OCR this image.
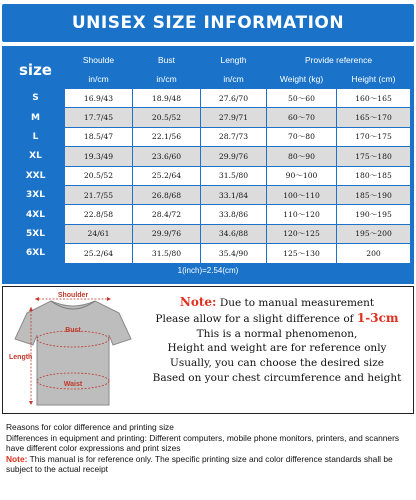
UNISEX SIZE INFORMATION
size	Shoulde	Bust	Length	Provide reference	
	in/cm	in/cm	in/cm	Weight (kg)	Height (cm)
S	16.9/43	18.9/48	27.6/70	50～60	160～165
M	17.7/45	20.5/52	27.9/71	60～70	165～170
L	18.5/47	22.1/56	28.7/73	70～80	170～175
XL	19.3/49	23.6/60	29.9/76	80～90	175～180
XXL	20.5/52	25.2/64	31.5/80	90～100	180～185
3XL	21.7/55	26.8/68	33.1/84	100～110	185～190
4XL	22.8/58	28.4/72	33.8/86	110～120	190～195
5XL	24/61	29.9/76	34.6/88	120～125	195～200
6XL	25.2/64	31.5/80	35.4/90	125～130	200
1(inch)=2.54(cm)
Shoulder
Bust
Length
Waist
Note: Due to manual measurement
Please allow for a slight difference of 1-3cm
This is a normal phenomenon,
Height and weight are for reference only
Usually, you can choose the desired size
Based on your chest circumference and height
Reasons for color difference and printing size
Differences in equipment and printing: Different computers, mobile phone monitors, printers, and scanners have different color expressions and print sizes
Note: This manual is for reference only. The specific printing size and color difference standards shall be subject to the actual receipt
